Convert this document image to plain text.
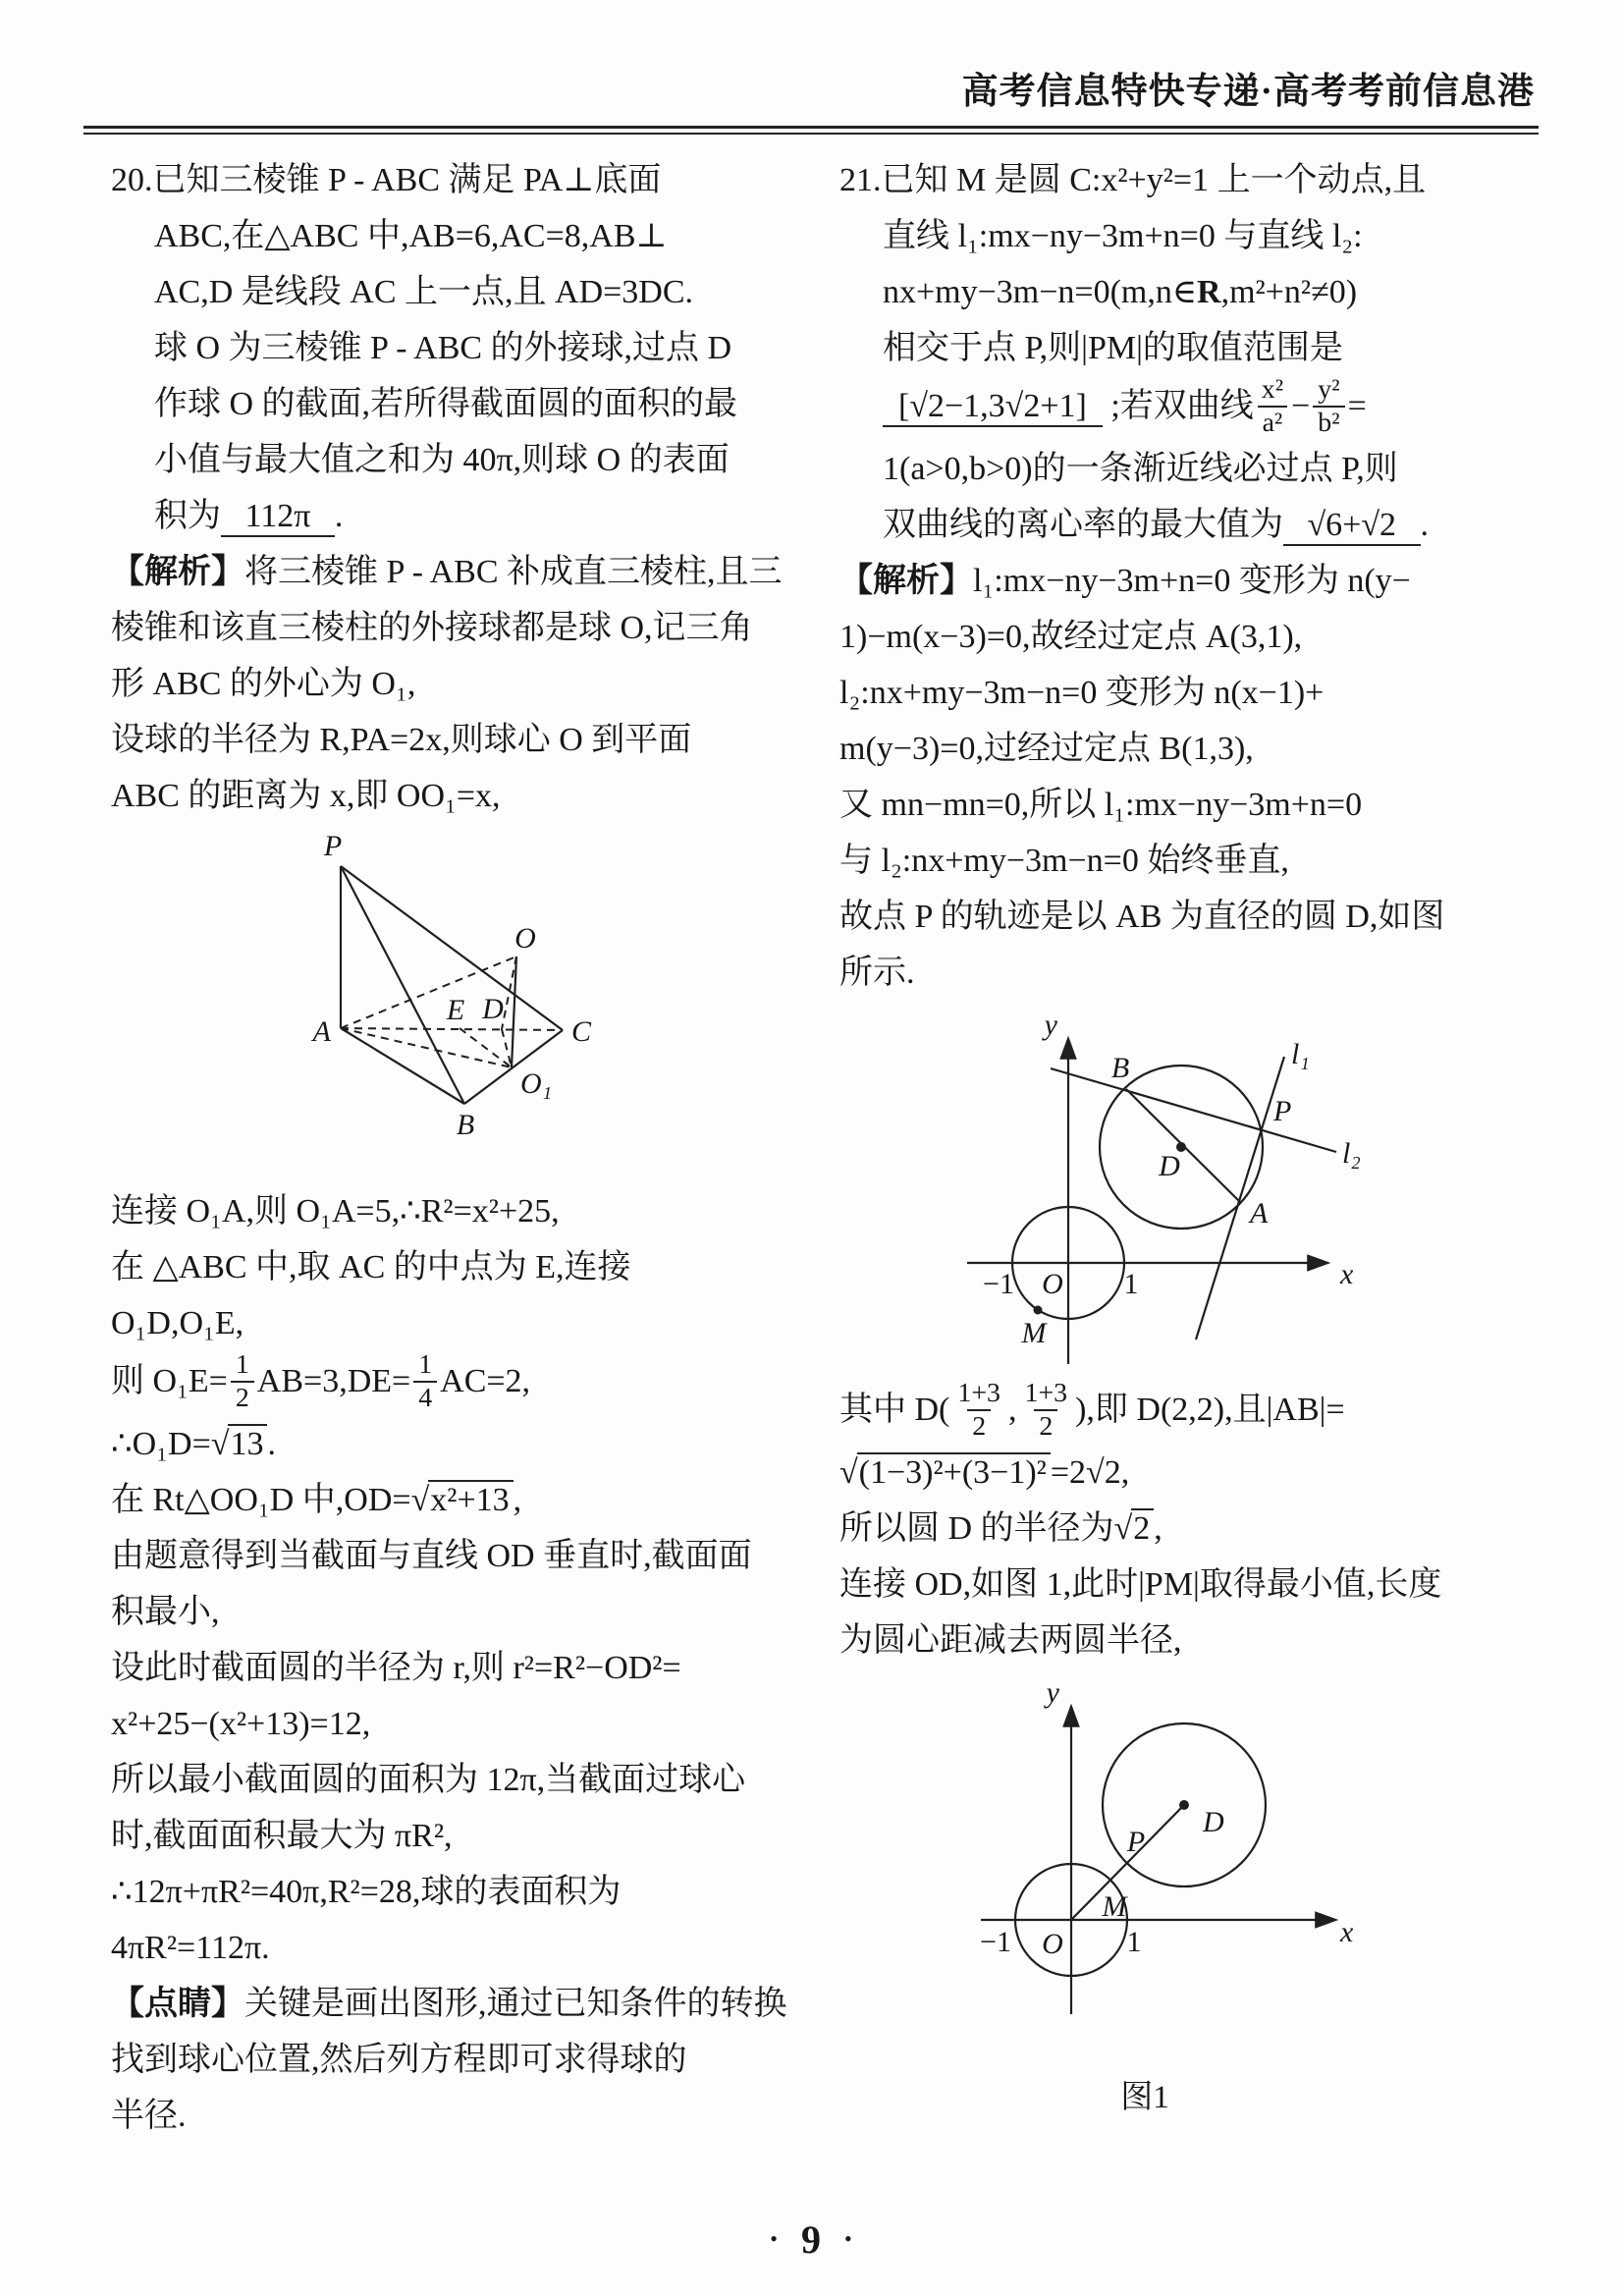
高考信息特快专递·高考考前信息港
20.已知三棱锥 P - ABC 满足 PA⊥底面
ABC,在△ABC 中,AB=6,AC=8,AB⊥
AC,D 是线段 AC 上一点,且 AD=3DC.
球 O 为三棱锥 P - ABC 的外接球,过点 D
作球 O 的截面,若所得截面圆的面积的最
小值与最大值之和为 40π,则球 O 的表面
积为 112π .
【解析】将三棱锥 P - ABC 补成直三棱柱,且三
棱锥和该直三棱柱的外接球都是球 O,记三角
形 ABC 的外心为 O₁,
设球的半径为 R,PA=2x,则球心 O 到平面
ABC 的距离为 x,即 OO₁=x,
P
O
A
E D
C
O₁
B
连接 O₁A,则 O₁A=5,∴R²=x²+25,
在 △ABC 中,取 AC 的中点为 E,连接
O₁D,O₁E,
则 $O_1E= \frac{1}{2} AB=3,DE= \frac{1}{4} AC=2$,
∴O₁D=√13 .
在 Rt△OO₁D 中,OD=√x²+13 ,
由题意得到当截面与直线 OD 垂直时,截面面
积最小,
设此时截面圆的半径为 r,则 r²=R²−OD²=
x²+25−(x²+13)=12,
所以最小截面圆的面积为 12π,当截面过球心
时,截面面积最大为 πR²,
∴12π+πR²=40π,R²=28,球的表面积为
4πR²=112π.
【点睛】关键是画出图形,通过已知条件的转换
找到球心位置,然后列方程即可求得球的
半径.
21.已知 M 是圆 C:x²+y²=1 上一个动点,且
直线 l₁:mx−ny−3m+n=0 与直线 l₂:
nx+my−3m−n=0(m,n∈R,m²+n²≠0)
相交于点 P,则|PM|的取值范围是
[√2−1,3√2+1] ;若双曲线 $\frac{\text{x²}}{\text{a²}} - \frac{\text{y²}}{\text{b²}}$ =
1(a>0,b>0)的一条渐近线必过点 P,则
双曲线的离心率的最大值为 √6+√2 .
【解析】l₁:mx−ny−3m+n=0 变形为 n(y−
1)−m(x−3)=0,故经过定点 A(3,1),
l₂:nx+my−3m−n=0 变形为 n(x−1)+
m(y−3)=0,过经过定点 B(1,3),
又 mn−mn=0,所以 l₁:mx−ny−3m+n=0
与 l₂:nx+my−3m−n=0 始终垂直,
故点 P 的轨迹是以 AB 为直径的圆 D,如图
所示.
y
x
B
P
D
A
l₁
l₂
−1 O 1
M
其中 $D( \frac{1+3}{2}$ , $\frac{1+3}{2}$ ),即 D(2,2),且|AB|=
√(1−3)²+(3−1)² =2√2,
所以圆 D 的半径为√2 ,
连接 OD,如图 1,此时|PM|取得最小值,长度
为圆心距减去两圆半径,
y
x
−1 O 1
M
P
D
图1
• 9 •
